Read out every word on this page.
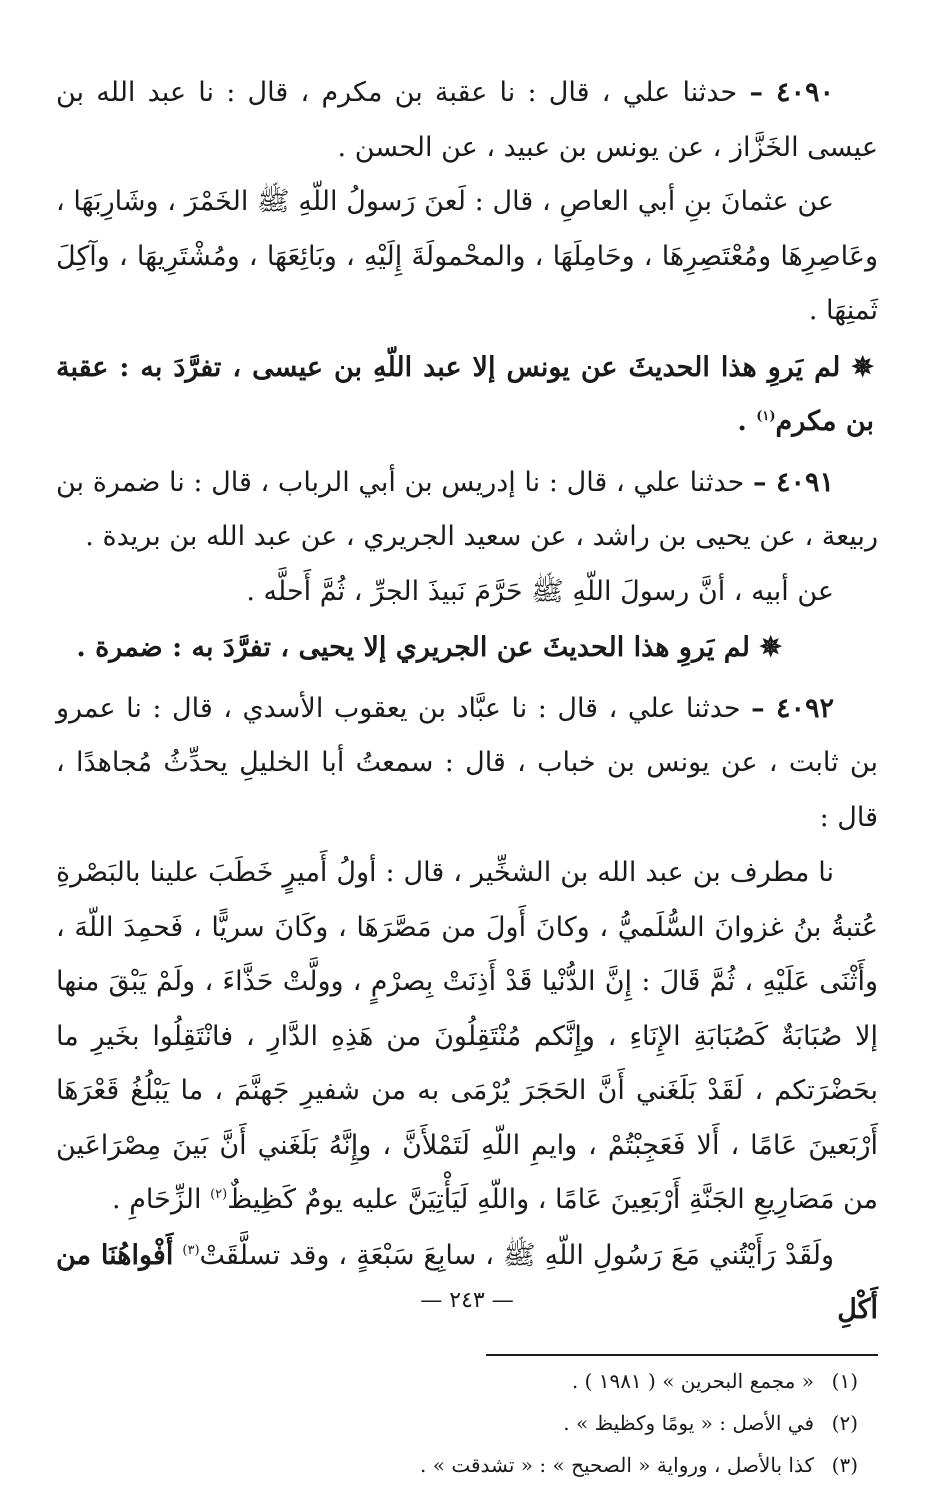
٤٠٩٠ – حدثنا علي ، قال : نا عقبة بن مكرم ، قال : نا عبد الله بن عيسى الخَزَّاز ، عن يونس بن عبيد ، عن الحسن .

عن عثمانَ بنِ أبي العاصِ ، قال : لَعنَ رَسولُ اللّهِ ﷺ الخَمْرَ ، وشَارِبَهَا ، وعَاصِرِهَا ومُعْتَصِرِهَا ، وحَامِلَهَا ، والمحْمولَةَ إِلَيْهِ ، وبَائِعَهَا ، ومُشْتَرِيهَا ، وآكِلَ ثَمنِهَا .

✵ لم يَروِ هذا الحديثَ عن يونس إلا عبد اللّهِ بن عيسى ، تفرَّدَ به : عقبة بن مكرم$^{(١)}$ .

٤٠٩١ – حدثنا علي ، قال : نا إدريس بن أبي الرباب ، قال : نا ضمرة بن ربيعة ، عن يحيى بن راشد ، عن سعيد الجريري ، عن عبد الله بن بريدة .

عن أبيه ، أنَّ رسولَ اللّهِ ﷺ حَرَّمَ نَبيذَ الجرِّ ، ثُمَّ أَحلَّه .

✵ لم يَروِ هذا الحديثَ عن الجريري إلا يحيى ، تفرَّدَ به : ضمرة .

٤٠٩٢ – حدثنا علي ، قال : نا عبَّاد بن يعقوب الأسدي ، قال : نا عمرو بن ثابت ، عن يونس بن خباب ، قال : سمعتُ أبا الخليلِ يحدِّثُ مُجاهدًا ، قال :

نا مطرف بن عبد الله بن الشخِّير ، قال : أولُ أَميرٍ خَطَبَ علينا بالبَصْرةِ عُتبةُ بنُ غزوانَ السُّلَميُّ ، وكانَ أَولَ من مَصَّرَهَا ، وكَانَ سريًّا ، فَحمِدَ اللّهَ ، وأَثْنَى عَلَيْهِ ، ثُمَّ قَالَ : إِنَّ الدُّنْيا قَدْ أَذِنَتْ بِصرْمٍ ، وولَّتْ حَذَّاءَ ، ولَمْ يَبْقَ منها إلا صُبَابَةٌ كَصُبَابَةِ الإِنَاءِ ، وإِنَّكم مُنْتَقِلُونَ من هَذِهِ الدَّارِ ، فانْتَقِلُوا بخَيرِ ما بحَضْرَتكم ، لَقَدْ بَلَغَني أَنَّ الحَجَرَ يُرْمَى به من شفيرِ جَهنَّمَ ، ما يَبْلُغُ قَعْرَهَا أَرْبَعينَ عَامًا ، أَلا فَعَجِبْتُمْ ، وايمِ اللّهِ لَتَمْلأَنَّ ، وإِنَّهُ بَلَغَني أَنَّ بَينَ مِصْرَاعَين من مَصَارِيعِ الجَنَّةِ أَرْبَعِينَ عَامًا ، واللّهِ لَيَأْتِيَنَّ عليه يومٌ كَظِيظٌ$^{(٢)}$ الزِّحَامِ .

ولَقَدْ رَأَيْتُني مَعَ رَسُولِ اللّهِ ﷺ ، سابِعَ سَبْعَةٍ ، وقد تسلَّقَتْ$^{(٣)}$ أَفْواهُنَا من أَكْلِ

(١)« مجمع البحرين » ( ١٩٨١ ) .

(٢)في الأصل : « يومًا وكظيظ » .

(٣)كذا بالأصل ، ورواية « الصحيح » : « تشدقت » .

— ٢٤٣ —
